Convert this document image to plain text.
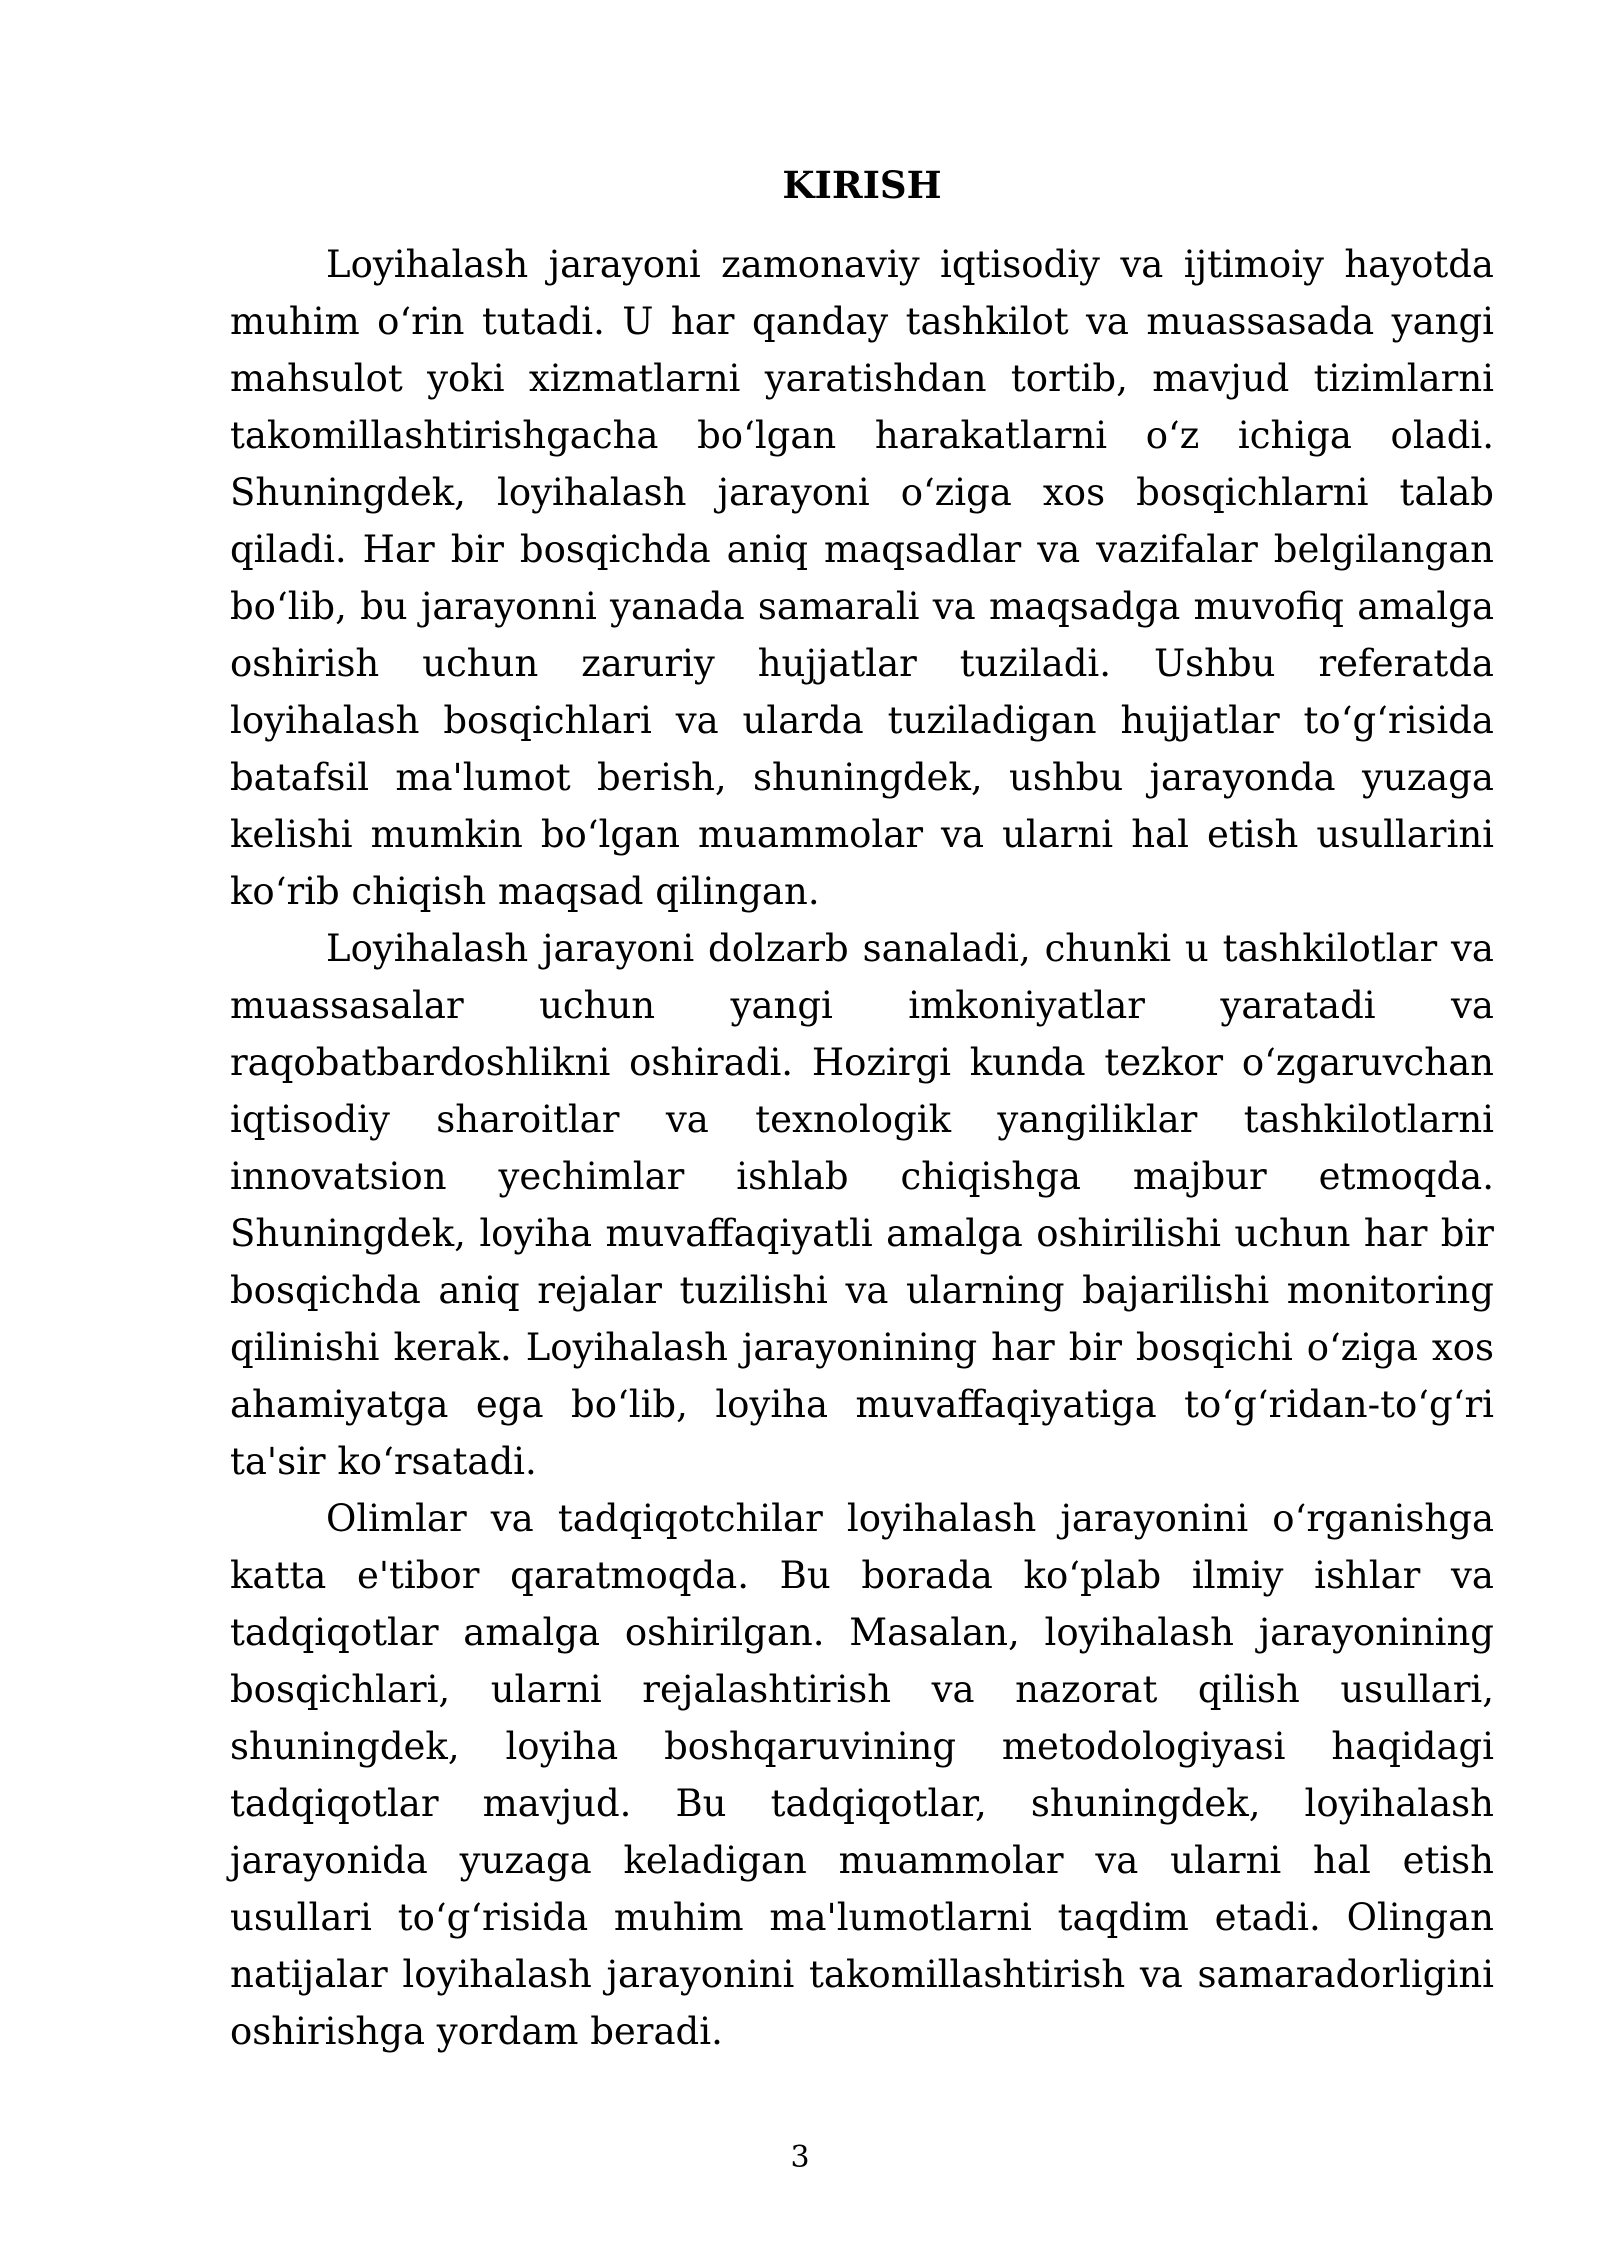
KIRISH

Loyihalash jarayoni zamonaviy iqtisodiy va ijtimoiy hayotda muhim o‘rin tutadi. U har qanday tashkilot va muassasada yangi mahsulot yoki xizmatlarni yaratishdan tortib, mavjud tizimlarni takomillashtirishgacha bo‘lgan harakatlarni o‘z ichiga oladi. Shuningdek, loyihalash jarayoni o‘ziga xos bosqichlarni talab qiladi. Har bir bosqichda aniq maqsadlar va vazifalar belgilangan bo‘lib, bu jarayonni yanada samarali va maqsadga muvofiq amalga oshirish uchun zaruriy hujjatlar tuziladi. Ushbu referatda loyihalash bosqichlari va ularda tuziladigan hujjatlar to‘g‘risida batafsil ma'lumot berish, shuningdek, ushbu jarayonda yuzaga kelishi mumkin bo‘lgan muammolar va ularni hal etish usullarini ko‘rib chiqish maqsad qilingan.

Loyihalash jarayoni dolzarb sanaladi, chunki u tashkilotlar va muassasalar uchun yangi imkoniyatlar yaratadi va raqobatbardoshlikni oshiradi. Hozirgi kunda tezkor o‘zgaruvchan iqtisodiy sharoitlar va texnologik yangiliklar tashkilotlarni innovatsion yechimlar ishlab chiqishga majbur etmoqda. Shuningdek, loyiha muvaffaqiyatli amalga oshirilishi uchun har bir bosqichda aniq rejalar tuzilishi va ularning bajarilishi monitoring qilinishi kerak. Loyihalash jarayonining har bir bosqichi o‘ziga xos ahamiyatga ega bo‘lib, loyiha muvaffaqiyatiga to‘g‘ridan-to‘g‘ri ta'sir ko‘rsatadi.

Olimlar va tadqiqotchilar loyihalash jarayonini o‘rganishga katta e'tibor qaratmoqda. Bu borada ko‘plab ilmiy ishlar va tadqiqotlar amalga oshirilgan. Masalan, loyihalash jarayonining bosqichlari, ularni rejalashtirish va nazorat qilish usullari, shuningdek, loyiha boshqaruvining metodologiyasi haqidagi tadqiqotlar mavjud. Bu tadqiqotlar, shuningdek, loyihalash jarayonida yuzaga keladigan muammolar va ularni hal etish usullari to‘g‘risida muhim ma'lumotlarni taqdim etadi. Olingan natijalar loyihalash jarayonini takomillashtirish va samaradorligini oshirishga yordam beradi.

3
